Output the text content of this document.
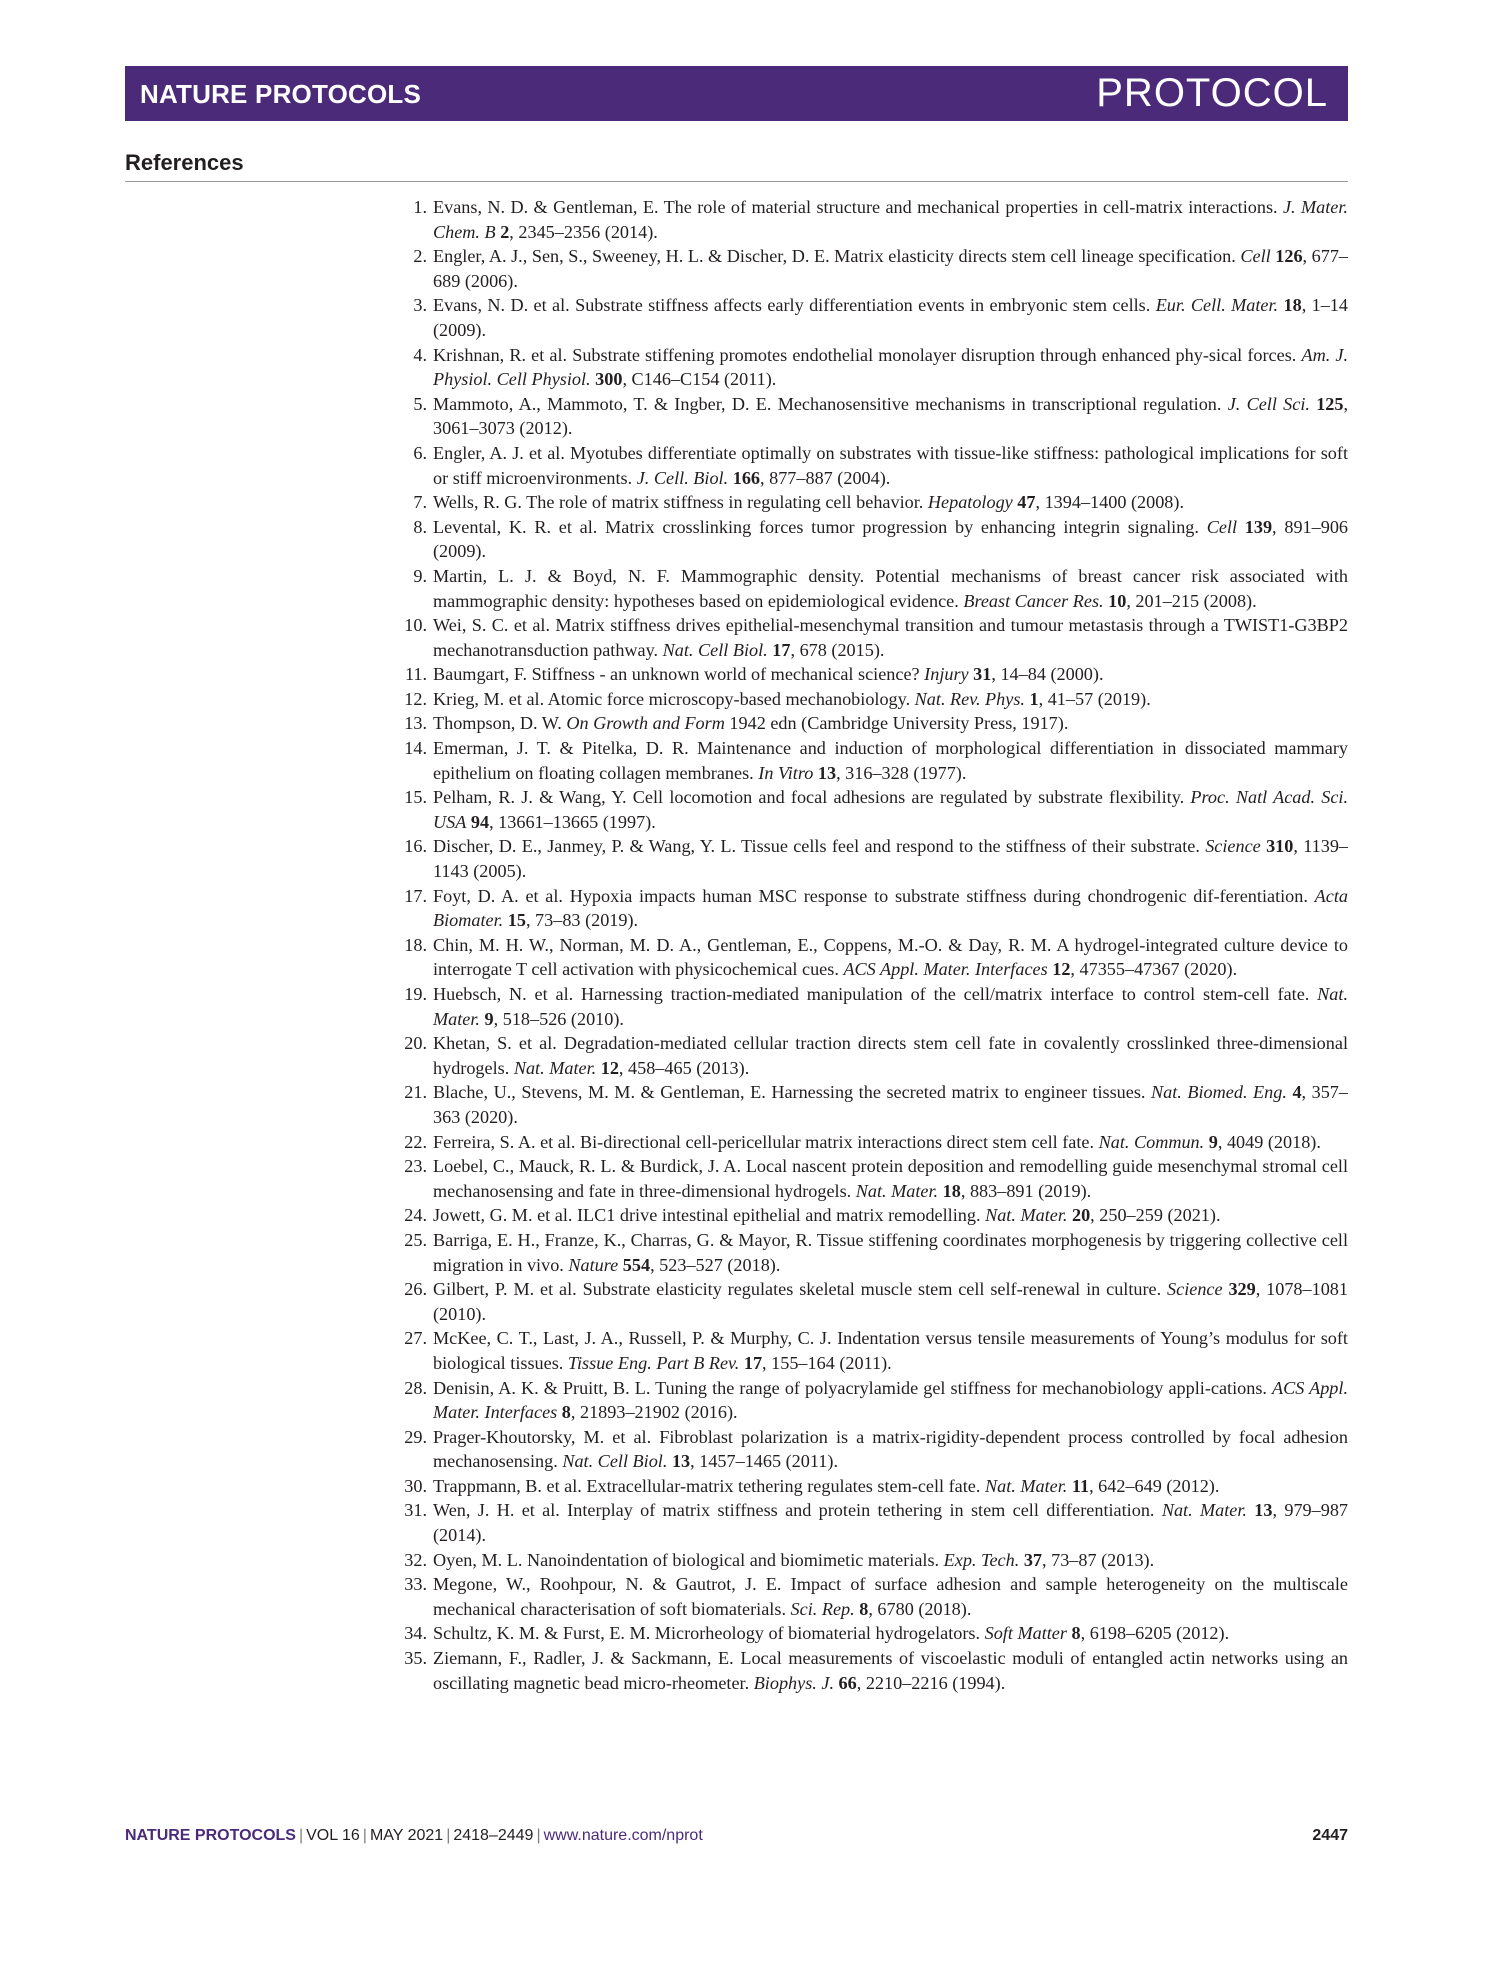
NATURE PROTOCOLS	PROTOCOL
References
1. Evans, N. D. & Gentleman, E. The role of material structure and mechanical properties in cell-matrix interactions. J. Mater. Chem. B 2, 2345–2356 (2014).
2. Engler, A. J., Sen, S., Sweeney, H. L. & Discher, D. E. Matrix elasticity directs stem cell lineage specification. Cell 126, 677–689 (2006).
3. Evans, N. D. et al. Substrate stiffness affects early differentiation events in embryonic stem cells. Eur. Cell. Mater. 18, 1–14 (2009).
4. Krishnan, R. et al. Substrate stiffening promotes endothelial monolayer disruption through enhanced phy-sical forces. Am. J. Physiol. Cell Physiol. 300, C146–C154 (2011).
5. Mammoto, A., Mammoto, T. & Ingber, D. E. Mechanosensitive mechanisms in transcriptional regulation. J. Cell Sci. 125, 3061–3073 (2012).
6. Engler, A. J. et al. Myotubes differentiate optimally on substrates with tissue-like stiffness: pathological implications for soft or stiff microenvironments. J. Cell. Biol. 166, 877–887 (2004).
7. Wells, R. G. The role of matrix stiffness in regulating cell behavior. Hepatology 47, 1394–1400 (2008).
8. Levental, K. R. et al. Matrix crosslinking forces tumor progression by enhancing integrin signaling. Cell 139, 891–906 (2009).
9. Martin, L. J. & Boyd, N. F. Mammographic density. Potential mechanisms of breast cancer risk associated with mammographic density: hypotheses based on epidemiological evidence. Breast Cancer Res. 10, 201–215 (2008).
10. Wei, S. C. et al. Matrix stiffness drives epithelial-mesenchymal transition and tumour metastasis through a TWIST1-G3BP2 mechanotransduction pathway. Nat. Cell Biol. 17, 678 (2015).
11. Baumgart, F. Stiffness - an unknown world of mechanical science? Injury 31, 14–84 (2000).
12. Krieg, M. et al. Atomic force microscopy-based mechanobiology. Nat. Rev. Phys. 1, 41–57 (2019).
13. Thompson, D. W. On Growth and Form 1942 edn (Cambridge University Press, 1917).
14. Emerman, J. T. & Pitelka, D. R. Maintenance and induction of morphological differentiation in dissociated mammary epithelium on floating collagen membranes. In Vitro 13, 316–328 (1977).
15. Pelham, R. J. & Wang, Y. Cell locomotion and focal adhesions are regulated by substrate flexibility. Proc. Natl Acad. Sci. USA 94, 13661–13665 (1997).
16. Discher, D. E., Janmey, P. & Wang, Y. L. Tissue cells feel and respond to the stiffness of their substrate. Science 310, 1139–1143 (2005).
17. Foyt, D. A. et al. Hypoxia impacts human MSC response to substrate stiffness during chondrogenic dif-ferentiation. Acta Biomater. 15, 73–83 (2019).
18. Chin, M. H. W., Norman, M. D. A., Gentleman, E., Coppens, M.-O. & Day, R. M. A hydrogel-integrated culture device to interrogate T cell activation with physicochemical cues. ACS Appl. Mater. Interfaces 12, 47355–47367 (2020).
19. Huebsch, N. et al. Harnessing traction-mediated manipulation of the cell/matrix interface to control stem-cell fate. Nat. Mater. 9, 518–526 (2010).
20. Khetan, S. et al. Degradation-mediated cellular traction directs stem cell fate in covalently crosslinked three-dimensional hydrogels. Nat. Mater. 12, 458–465 (2013).
21. Blache, U., Stevens, M. M. & Gentleman, E. Harnessing the secreted matrix to engineer tissues. Nat. Biomed. Eng. 4, 357–363 (2020).
22. Ferreira, S. A. et al. Bi-directional cell-pericellular matrix interactions direct stem cell fate. Nat. Commun. 9, 4049 (2018).
23. Loebel, C., Mauck, R. L. & Burdick, J. A. Local nascent protein deposition and remodelling guide mesenchymal stromal cell mechanosensing and fate in three-dimensional hydrogels. Nat. Mater. 18, 883–891 (2019).
24. Jowett, G. M. et al. ILC1 drive intestinal epithelial and matrix remodelling. Nat. Mater. 20, 250–259 (2021).
25. Barriga, E. H., Franze, K., Charras, G. & Mayor, R. Tissue stiffening coordinates morphogenesis by triggering collective cell migration in vivo. Nature 554, 523–527 (2018).
26. Gilbert, P. M. et al. Substrate elasticity regulates skeletal muscle stem cell self-renewal in culture. Science 329, 1078–1081 (2010).
27. McKee, C. T., Last, J. A., Russell, P. & Murphy, C. J. Indentation versus tensile measurements of Young’s modulus for soft biological tissues. Tissue Eng. Part B Rev. 17, 155–164 (2011).
28. Denisin, A. K. & Pruitt, B. L. Tuning the range of polyacrylamide gel stiffness for mechanobiology appli-cations. ACS Appl. Mater. Interfaces 8, 21893–21902 (2016).
29. Prager-Khoutorsky, M. et al. Fibroblast polarization is a matrix-rigidity-dependent process controlled by focal adhesion mechanosensing. Nat. Cell Biol. 13, 1457–1465 (2011).
30. Trappmann, B. et al. Extracellular-matrix tethering regulates stem-cell fate. Nat. Mater. 11, 642–649 (2012).
31. Wen, J. H. et al. Interplay of matrix stiffness and protein tethering in stem cell differentiation. Nat. Mater. 13, 979–987 (2014).
32. Oyen, M. L. Nanoindentation of biological and biomimetic materials. Exp. Tech. 37, 73–87 (2013).
33. Megone, W., Roohpour, N. & Gautrot, J. E. Impact of surface adhesion and sample heterogeneity on the multiscale mechanical characterisation of soft biomaterials. Sci. Rep. 8, 6780 (2018).
34. Schultz, K. M. & Furst, E. M. Microrheology of biomaterial hydrogelators. Soft Matter 8, 6198–6205 (2012).
35. Ziemann, F., Radler, J. & Sackmann, E. Local measurements of viscoelastic moduli of entangled actin networks using an oscillating magnetic bead micro-rheometer. Biophys. J. 66, 2210–2216 (1994).
NATURE PROTOCOLS | VOL 16 | MAY 2021 | 2418–2449 | www.nature.com/nprot	2447
